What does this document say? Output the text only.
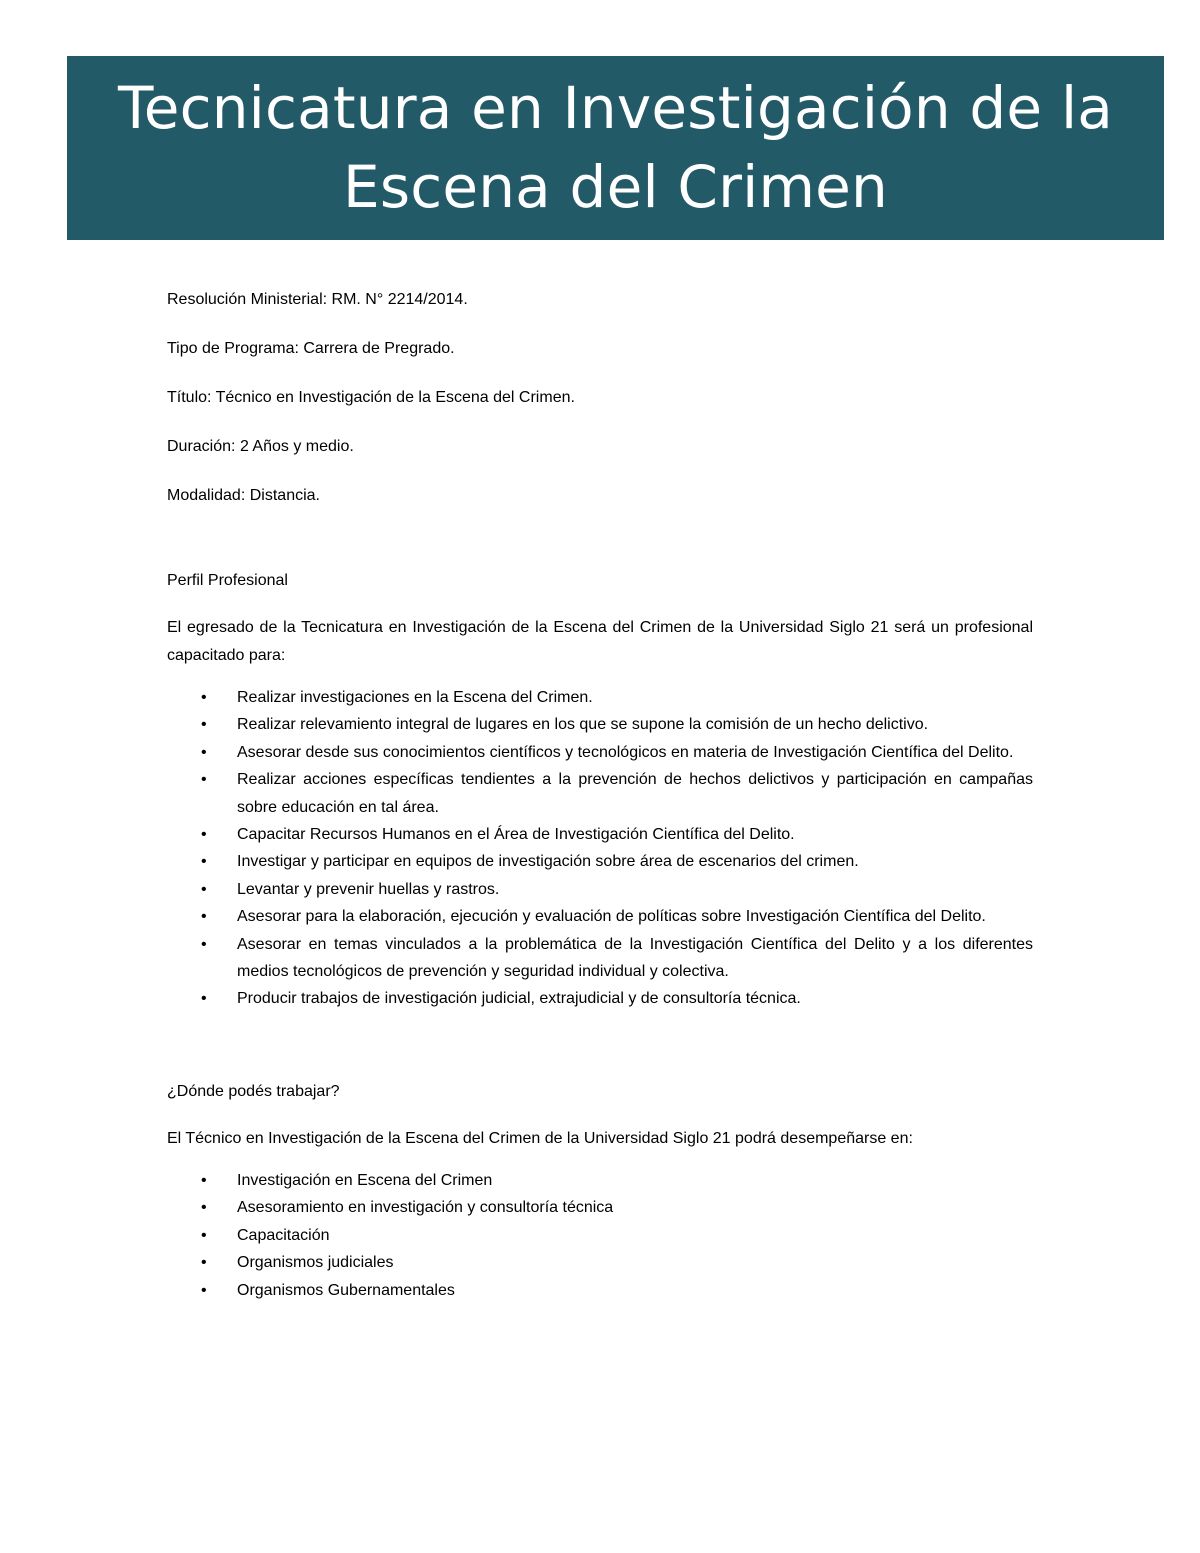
Tecnicatura en Investigación de la
Escena del Crimen

Resolución Ministerial: RM. N° 2214/2014.

Tipo de Programa: Carrera de Pregrado.

Título: Técnico en Investigación de la Escena del Crimen.

Duración: 2 Años y medio.

Modalidad: Distancia.

Perfil Profesional

El egresado de la Tecnicatura en Investigación de la Escena del Crimen de la Universidad Siglo 21 será un profesional capacitado para:

• Realizar investigaciones en la Escena del Crimen.
• Realizar relevamiento integral de lugares en los que se supone la comisión de un hecho delictivo.
• Asesorar desde sus conocimientos científicos y tecnológicos en materia de Investigación Científica del Delito.
• Realizar acciones específicas tendientes a la prevención de hechos delictivos y participación en campañas sobre educación en tal área.
• Capacitar Recursos Humanos en el Área de Investigación Científica del Delito.
• Investigar y participar en equipos de investigación sobre área de escenarios del crimen.
• Levantar y prevenir huellas y rastros.
• Asesorar para la elaboración, ejecución y evaluación de políticas sobre Investigación Científica del Delito.
• Asesorar en temas vinculados a la problemática de la Investigación Científica del Delito y a los diferentes medios tecnológicos de prevención y seguridad individual y colectiva.
• Producir trabajos de investigación judicial, extrajudicial y de consultoría técnica.
¿Dónde podés trabajar?

El Técnico en Investigación de la Escena del Crimen de la Universidad Siglo 21 podrá desempeñarse en:

• Investigación en Escena del Crimen
• Asesoramiento en investigación y consultoría técnica
• Capacitación
• Organismos judiciales
• Organismos Gubernamentales
